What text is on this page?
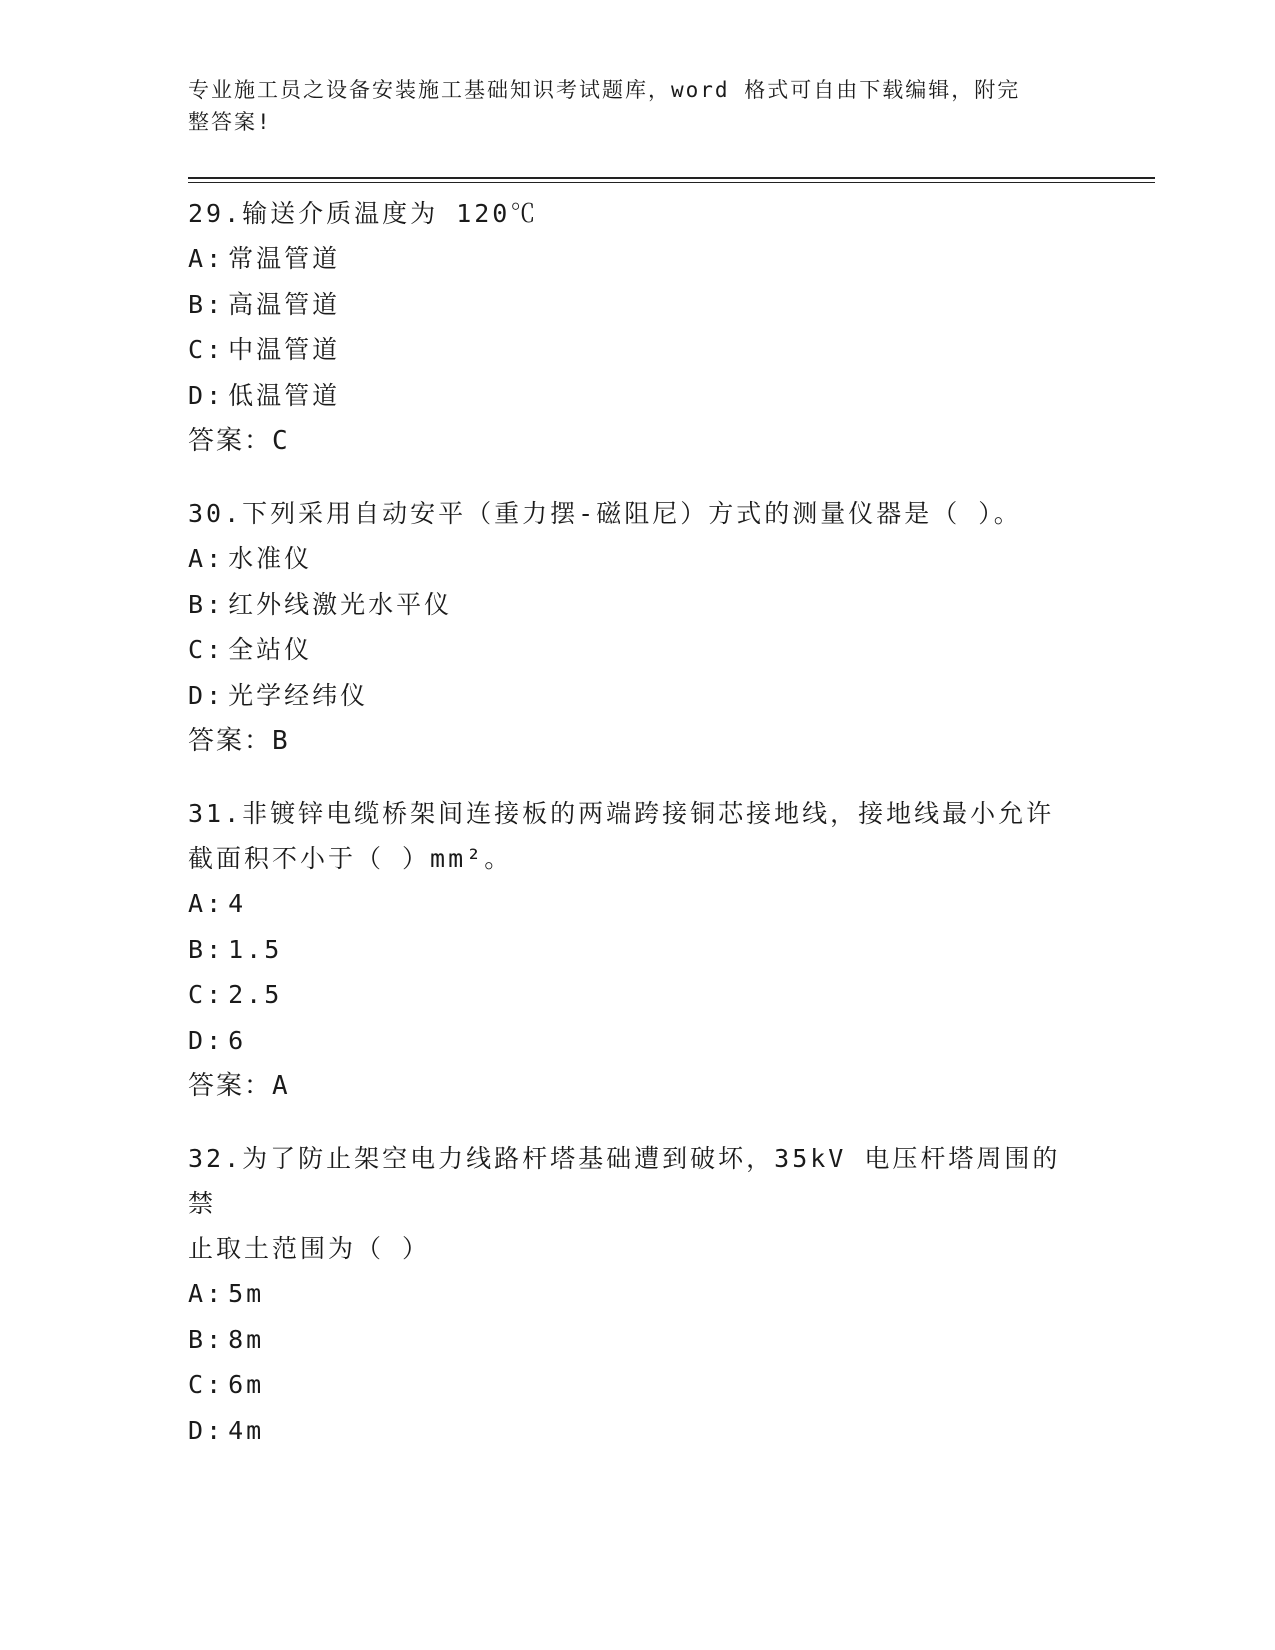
专业施工员之设备安装施工基础知识考试题库，word 格式可自由下载编辑，附完
整答案!
29.输送介质温度为 120℃
A: 常温管道
B: 高温管道
C: 中温管道
D: 低温管道
答案：C
30.下列采用自动安平（重力摆-磁阻尼）方式的测量仪器是（ ）。
A: 水准仪
B: 红外线激光水平仪
C: 全站仪
D: 光学经纬仪
答案：B
31.非镀锌电缆桥架间连接板的两端跨接铜芯接地线，接地线最小允许
截面积不小于（ ）mm²。
A: 4
B: 1.5
C: 2.5
D: 6
答案：A
32.为了防止架空电力线路杆塔基础遭到破坏，35kV 电压杆塔周围的禁
止取土范围为（ ）
A: 5m
B: 8m
C: 6m
D: 4m
